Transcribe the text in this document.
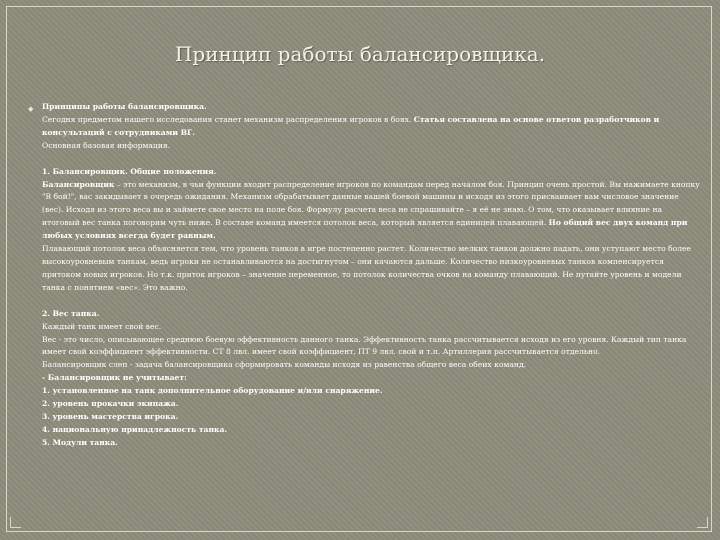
Принцип работы балансировщика.
◆ Принципы работы балансировщика.

Сегодня предметом нашего исследования станет механизм распределения игроков в боях. Статья составлена на основе ответов разработчиков и консультаций с сотрудниками ВГ.

Основная базовая информация.

1. Балансировщик. Общие положения.

Балансировщик – это механизм, в чьи функции входит распределение игроков по командам перед началом боя. Принцип очень простой. Вы нажимаете кнопку "В бой!", вас закидывает в очередь ожидания. Механизм обрабатывает данные вашей боевой машины и исходя из этого присваивает вам числовое значение (вес). Исходя из этого веса вы и займете свое место на поле боя. Формулу расчета веса не спрашивайте – я её не знаю. О том, что оказывает влияние на итоговый вес танка поговорим чуть ниже. В составе команд имеется потолок веса, который является единицей плавающей. Но общий вес двух команд при любых условиях всегда будет равным.

Плавающий потолок веса объясняется тем, что уровень танков в игре постепенно растет. Количество мелких танков должно падать, они уступают место более высокоуровневым танкам, ведь игроки не останавливаются на достигнутом – они качаются дальше. Количество низкоуровневых танков компенсируется притоком новых игроков. Но т.к. приток игроков – значение переменное, то потолок количества очков на команду плавающий. Не путайте уровень и модели танка с понятием «вес». Это важно.

2. Вес танка.

Каждый танк имеет свой вес.

Вес - это число, описывающее среднюю боевую эффективность данного танка. Эффективность танка рассчитывается исходя из его уровня. Каждый тип танка имеет свой коэффициент эффективности. СТ 8 лвл. имеет свой коэффициент, ПТ 9 лвл. свой и т.п. Артиллерия рассчитывается отдельно.

Балансировщик слеп - задача балансировщика сформировать команды исходя из равенства общего веса обеих команд.

- Балансировщик не учитывает:

1. установленное на танк дополнительное оборудование и/или снаряжение.

2. уровень прокачки экипажа.

3. уровень мастерства игрока.

4. национальную принадлежность танка.

5. Модули танка.
